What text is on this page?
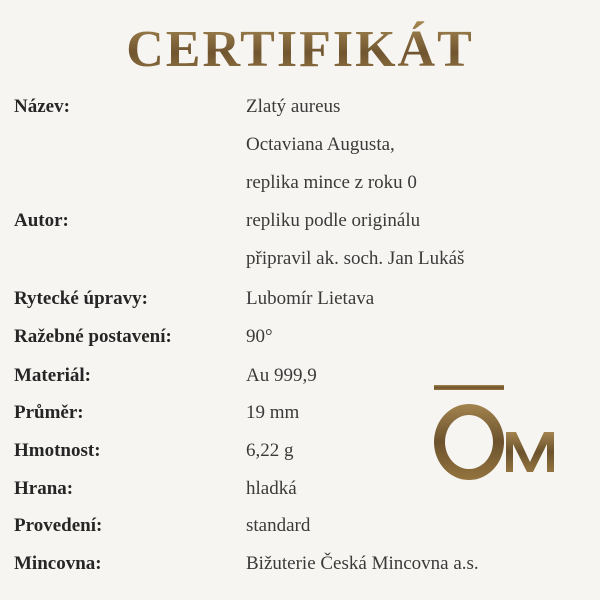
CERTIFIKÁT
Název:	Zlatý aureus
Octaviana Augusta,
replika mince z roku 0
Autor:	repliku podle originálu
připravil ak. soch. Jan Lukáš
Rytecké úpravy:	Lubomír Lietava
Ražebné postavení:	90°
Materiál:	Au 999,9
Průměr:	19 mm
Hmotnost:	6,22 g
Hrana:	hladká
Provedení:	standard
Mincovna:	Bižuterie Česká Mincovna a.s.
